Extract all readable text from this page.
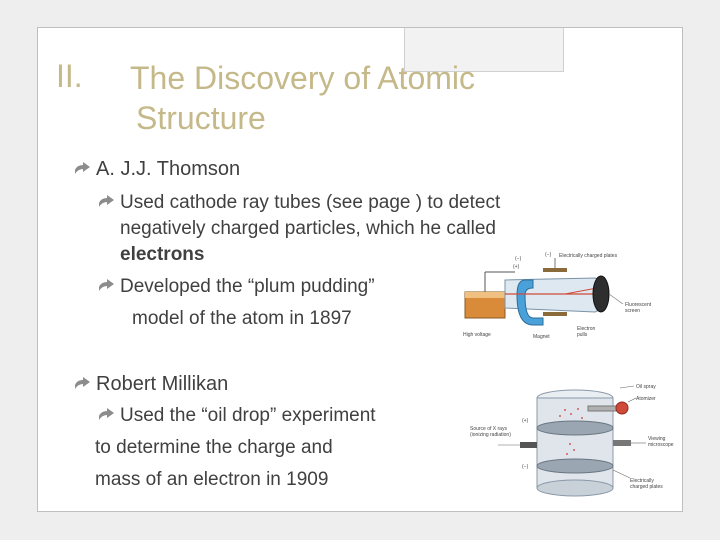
II. The Discovery of Atomic
Structure
A. J.J. Thomson
Used cathode ray tubes (see page ) to detect
negatively charged particles, which he called
electrons
Developed the “plum pudding”
model of the atom in 1897
Robert Millikan
Used the “oil drop” experiment
to determine the charge and
mass of an electron in 1909
(−)
(−)
(+)
Electrically charged plates
Fluorescent
screen
High voltage	Magnet
Electron
pulls
Oil spray
Atomizer
Source of X rays
(ionizing radiation)
(+)
(−)
Viewing
microscope
Electrically
charged plates
